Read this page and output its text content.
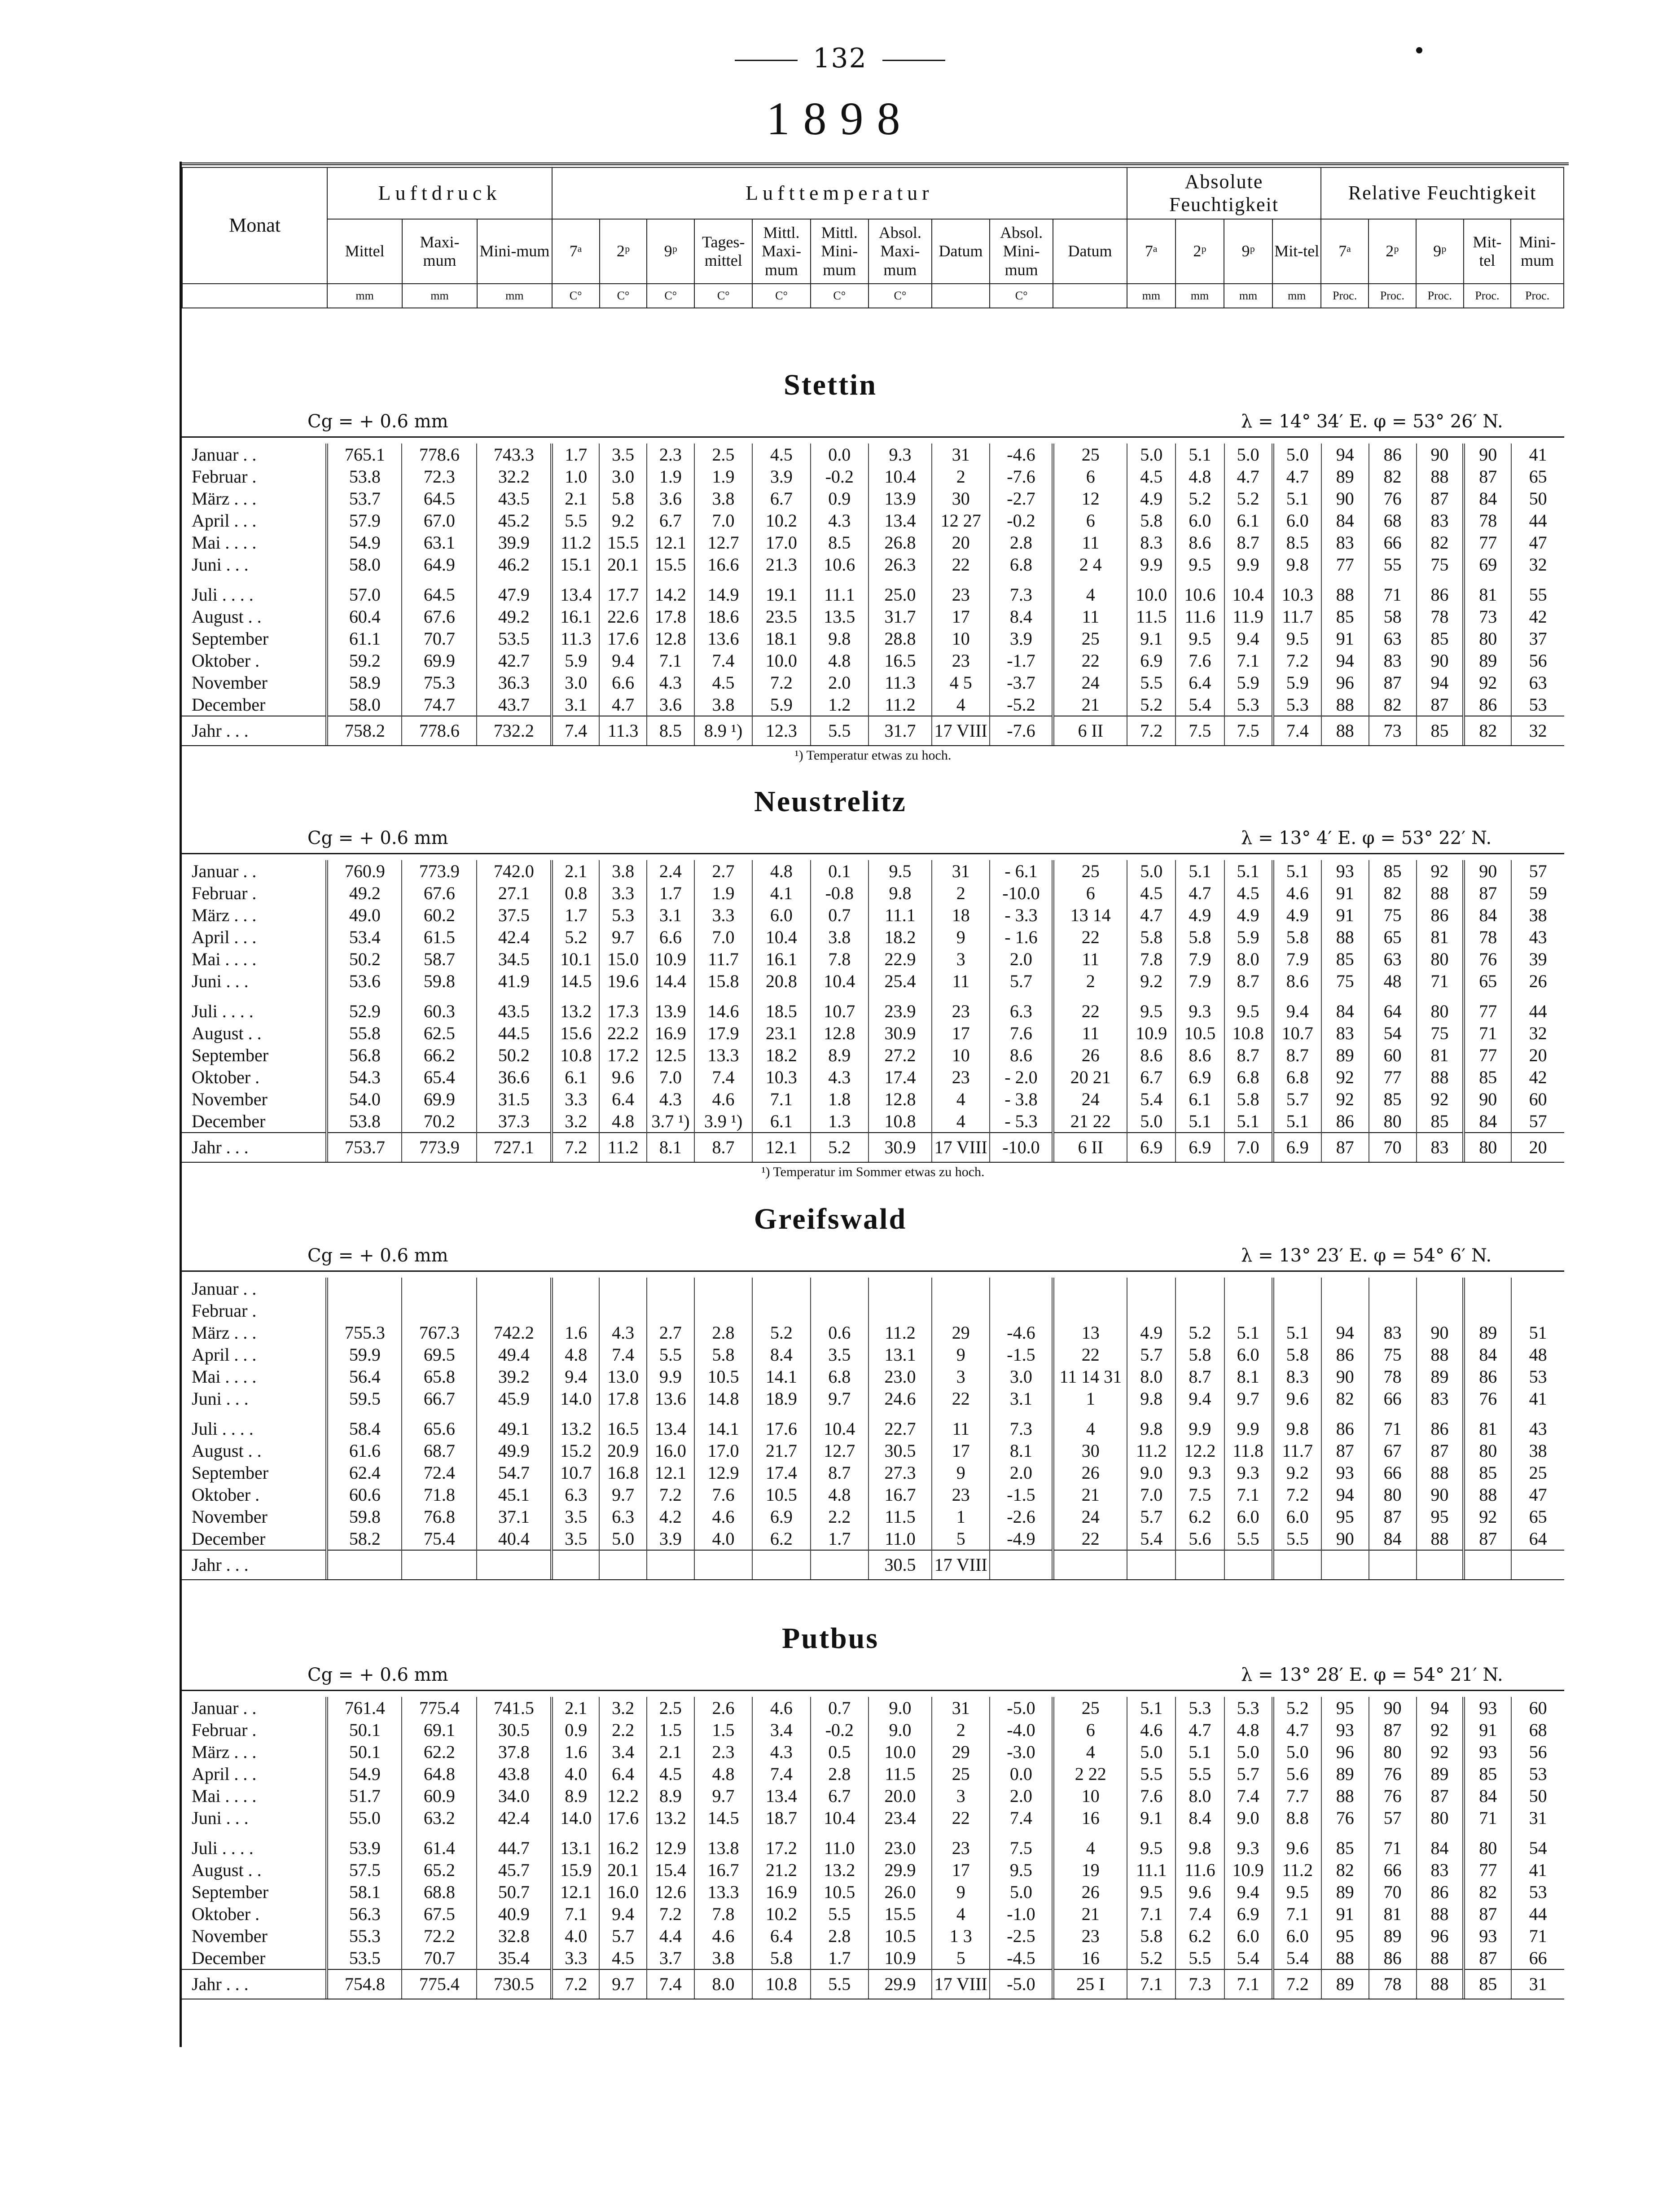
132
1898
Monat	Luftdruck			Lufttemperatur										Absolute Feuchtigkeit				Relative Feuchtigkeit				
	Mittel	Maxi-mum	Mini-mum	7ᵃ	2ᵖ	9ᵖ	Tages-mittel	Mittl. Maxi-mum	Mittl. Mini-mum	Absol. Maxi-mum	Datum	Absol. Mini-mum	Datum	7ᵃ	2ᵖ	9ᵖ	Mit-tel	7ᵃ	2ᵖ	9ᵖ	Mit-tel	Mini-mum
	mm	mm	mm	C°	C°	C°	C°	C°	C°	C°		C°		mm	mm	mm	mm	Proc.	Proc.	Proc.	Proc.	Proc.
Stettin
Cg = + 0.6 mm	λ = 14° 34′ E. φ = 53° 26′ N.
Januar . .	765.1	778.6	743.3	1.7	3.5	2.3	2.5	4.5	0.0	9.3	31	-4.6	25	5.0	5.1	5.0	5.0	94	86	90	90	41
Februar .	53.8	72.3	32.2	1.0	3.0	1.9	1.9	3.9	-0.2	10.4	2	-7.6	6	4.5	4.8	4.7	4.7	89	82	88	87	65
März . . .	53.7	64.5	43.5	2.1	5.8	3.6	3.8	6.7	0.9	13.9	30	-2.7	12	4.9	5.2	5.2	5.1	90	76	87	84	50
April . . .	57.9	67.0	45.2	5.5	9.2	6.7	7.0	10.2	4.3	13.4	12 27	-0.2	6	5.8	6.0	6.1	6.0	84	68	83	78	44
Mai . . . .	54.9	63.1	39.9	11.2	15.5	12.1	12.7	17.0	8.5	26.8	20	2.8	11	8.3	8.6	8.7	8.5	83	66	82	77	47
Juni . . .	58.0	64.9	46.2	15.1	20.1	15.5	16.6	21.3	10.6	26.3	22	6.8	2 4	9.9	9.5	9.9	9.8	77	55	75	69	32

Juli . . . .	57.0	64.5	47.9	13.4	17.7	14.2	14.9	19.1	11.1	25.0	23	7.3	4	10.0	10.6	10.4	10.3	88	71	86	81	55
August . .	60.4	67.6	49.2	16.1	22.6	17.8	18.6	23.5	13.5	31.7	17	8.4	11	11.5	11.6	11.9	11.7	85	58	78	73	42
September	61.1	70.7	53.5	11.3	17.6	12.8	13.6	18.1	9.8	28.8	10	3.9	25	9.1	9.5	9.4	9.5	91	63	85	80	37
Oktober .	59.2	69.9	42.7	5.9	9.4	7.1	7.4	10.0	4.8	16.5	23	-1.7	22	6.9	7.6	7.1	7.2	94	83	90	89	56
November	58.9	75.3	36.3	3.0	6.6	4.3	4.5	7.2	2.0	11.3	4 5	-3.7	24	5.5	6.4	5.9	5.9	96	87	94	92	63
December	58.0	74.7	43.7	3.1	4.7	3.6	3.8	5.9	1.2	11.2	4	-5.2	21	5.2	5.4	5.3	5.3	88	82	87	86	53
Jahr . . .	758.2	778.6	732.2	7.4	11.3	8.5	8.9 ¹)	12.3	5.5	31.7	17 VIII	-7.6	6 II	7.2	7.5	7.5	7.4	88	73	85	82	32
¹) Temperatur etwas zu hoch.
Neustrelitz
Cg = + 0.6 mm	λ = 13° 4′ E. φ = 53° 22′ N.
Januar . .	760.9	773.9	742.0	2.1	3.8	2.4	2.7	4.8	0.1	9.5	31	- 6.1	25	5.0	5.1	5.1	5.1	93	85	92	90	57
Februar .	49.2	67.6	27.1	0.8	3.3	1.7	1.9	4.1	-0.8	9.8	2	-10.0	6	4.5	4.7	4.5	4.6	91	82	88	87	59
März . . .	49.0	60.2	37.5	1.7	5.3	3.1	3.3	6.0	0.7	11.1	18	- 3.3	13 14	4.7	4.9	4.9	4.9	91	75	86	84	38
April . . .	53.4	61.5	42.4	5.2	9.7	6.6	7.0	10.4	3.8	18.2	9	- 1.6	22	5.8	5.8	5.9	5.8	88	65	81	78	43
Mai . . . .	50.2	58.7	34.5	10.1	15.0	10.9	11.7	16.1	7.8	22.9	3	2.0	11	7.8	7.9	8.0	7.9	85	63	80	76	39
Juni . . .	53.6	59.8	41.9	14.5	19.6	14.4	15.8	20.8	10.4	25.4	11	5.7	2	9.2	7.9	8.7	8.6	75	48	71	65	26

Juli . . . .	52.9	60.3	43.5	13.2	17.3	13.9	14.6	18.5	10.7	23.9	23	6.3	22	9.5	9.3	9.5	9.4	84	64	80	77	44
August . .	55.8	62.5	44.5	15.6	22.2	16.9	17.9	23.1	12.8	30.9	17	7.6	11	10.9	10.5	10.8	10.7	83	54	75	71	32
September	56.8	66.2	50.2	10.8	17.2	12.5	13.3	18.2	8.9	27.2	10	8.6	26	8.6	8.6	8.7	8.7	89	60	81	77	20
Oktober .	54.3	65.4	36.6	6.1	9.6	7.0	7.4	10.3	4.3	17.4	23	- 2.0	20 21	6.7	6.9	6.8	6.8	92	77	88	85	42
November	54.0	69.9	31.5	3.3	6.4	4.3	4.6	7.1	1.8	12.8	4	- 3.8	24	5.4	6.1	5.8	5.7	92	85	92	90	60
December	53.8	70.2	37.3	3.2	4.8	3.7 ¹)	3.9 ¹)	6.1	1.3	10.8	4	- 5.3	21 22	5.0	5.1	5.1	5.1	86	80	85	84	57
Jahr . . .	753.7	773.9	727.1	7.2	11.2	8.1	8.7	12.1	5.2	30.9	17 VIII	-10.0	6 II	6.9	6.9	7.0	6.9	87	70	83	80	20
¹) Temperatur im Sommer etwas zu hoch.
Greifswald
Cg = + 0.6 mm	λ = 13° 23′ E. φ = 54° 6′ N.
Januar . .																						
Februar .																						
März . . .	755.3	767.3	742.2	1.6	4.3	2.7	2.8	5.2	0.6	11.2	29	-4.6	13	4.9	5.2	5.1	5.1	94	83	90	89	51
April . . .	59.9	69.5	49.4	4.8	7.4	5.5	5.8	8.4	3.5	13.1	9	-1.5	22	5.7	5.8	6.0	5.8	86	75	88	84	48
Mai . . . .	56.4	65.8	39.2	9.4	13.0	9.9	10.5	14.1	6.8	23.0	3	3.0	11 14 31	8.0	8.7	8.1	8.3	90	78	89	86	53
Juni . . .	59.5	66.7	45.9	14.0	17.8	13.6	14.8	18.9	9.7	24.6	22	3.1	1	9.8	9.4	9.7	9.6	82	66	83	76	41

Juli . . . .	58.4	65.6	49.1	13.2	16.5	13.4	14.1	17.6	10.4	22.7	11	7.3	4	9.8	9.9	9.9	9.8	86	71	86	81	43
August . .	61.6	68.7	49.9	15.2	20.9	16.0	17.0	21.7	12.7	30.5	17	8.1	30	11.2	12.2	11.8	11.7	87	67	87	80	38
September	62.4	72.4	54.7	10.7	16.8	12.1	12.9	17.4	8.7	27.3	9	2.0	26	9.0	9.3	9.3	9.2	93	66	88	85	25
Oktober .	60.6	71.8	45.1	6.3	9.7	7.2	7.6	10.5	4.8	16.7	23	-1.5	21	7.0	7.5	7.1	7.2	94	80	90	88	47
November	59.8	76.8	37.1	3.5	6.3	4.2	4.6	6.9	2.2	11.5	1	-2.6	24	5.7	6.2	6.0	6.0	95	87	95	92	65
December	58.2	75.4	40.4	3.5	5.0	3.9	4.0	6.2	1.7	11.0	5	-4.9	22	5.4	5.6	5.5	5.5	90	84	88	87	64
Jahr . . .										30.5	17 VIII											
Putbus
Cg = + 0.6 mm	λ = 13° 28′ E. φ = 54° 21′ N.
Januar . .	761.4	775.4	741.5	2.1	3.2	2.5	2.6	4.6	0.7	9.0	31	-5.0	25	5.1	5.3	5.3	5.2	95	90	94	93	60
Februar .	50.1	69.1	30.5	0.9	2.2	1.5	1.5	3.4	-0.2	9.0	2	-4.0	6	4.6	4.7	4.8	4.7	93	87	92	91	68
März . . .	50.1	62.2	37.8	1.6	3.4	2.1	2.3	4.3	0.5	10.0	29	-3.0	4	5.0	5.1	5.0	5.0	96	80	92	93	56
April . . .	54.9	64.8	43.8	4.0	6.4	4.5	4.8	7.4	2.8	11.5	25	0.0	2 22	5.5	5.5	5.7	5.6	89	76	89	85	53
Mai . . . .	51.7	60.9	34.0	8.9	12.2	8.9	9.7	13.4	6.7	20.0	3	2.0	10	7.6	8.0	7.4	7.7	88	76	87	84	50
Juni . . .	55.0	63.2	42.4	14.0	17.6	13.2	14.5	18.7	10.4	23.4	22	7.4	16	9.1	8.4	9.0	8.8	76	57	80	71	31

Juli . . . .	53.9	61.4	44.7	13.1	16.2	12.9	13.8	17.2	11.0	23.0	23	7.5	4	9.5	9.8	9.3	9.6	85	71	84	80	54
August . .	57.5	65.2	45.7	15.9	20.1	15.4	16.7	21.2	13.2	29.9	17	9.5	19	11.1	11.6	10.9	11.2	82	66	83	77	41
September	58.1	68.8	50.7	12.1	16.0	12.6	13.3	16.9	10.5	26.0	9	5.0	26	9.5	9.6	9.4	9.5	89	70	86	82	53
Oktober .	56.3	67.5	40.9	7.1	9.4	7.2	7.8	10.2	5.5	15.5	4	-1.0	21	7.1	7.4	6.9	7.1	91	81	88	87	44
November	55.3	72.2	32.8	4.0	5.7	4.4	4.6	6.4	2.8	10.5	1 3	-2.5	23	5.8	6.2	6.0	6.0	95	89	96	93	71
December	53.5	70.7	35.4	3.3	4.5	3.7	3.8	5.8	1.7	10.9	5	-4.5	16	5.2	5.5	5.4	5.4	88	86	88	87	66
Jahr . . .	754.8	775.4	730.5	7.2	9.7	7.4	8.0	10.8	5.5	29.9	17 VIII	-5.0	25 I	7.1	7.3	7.1	7.2	89	78	88	85	31
